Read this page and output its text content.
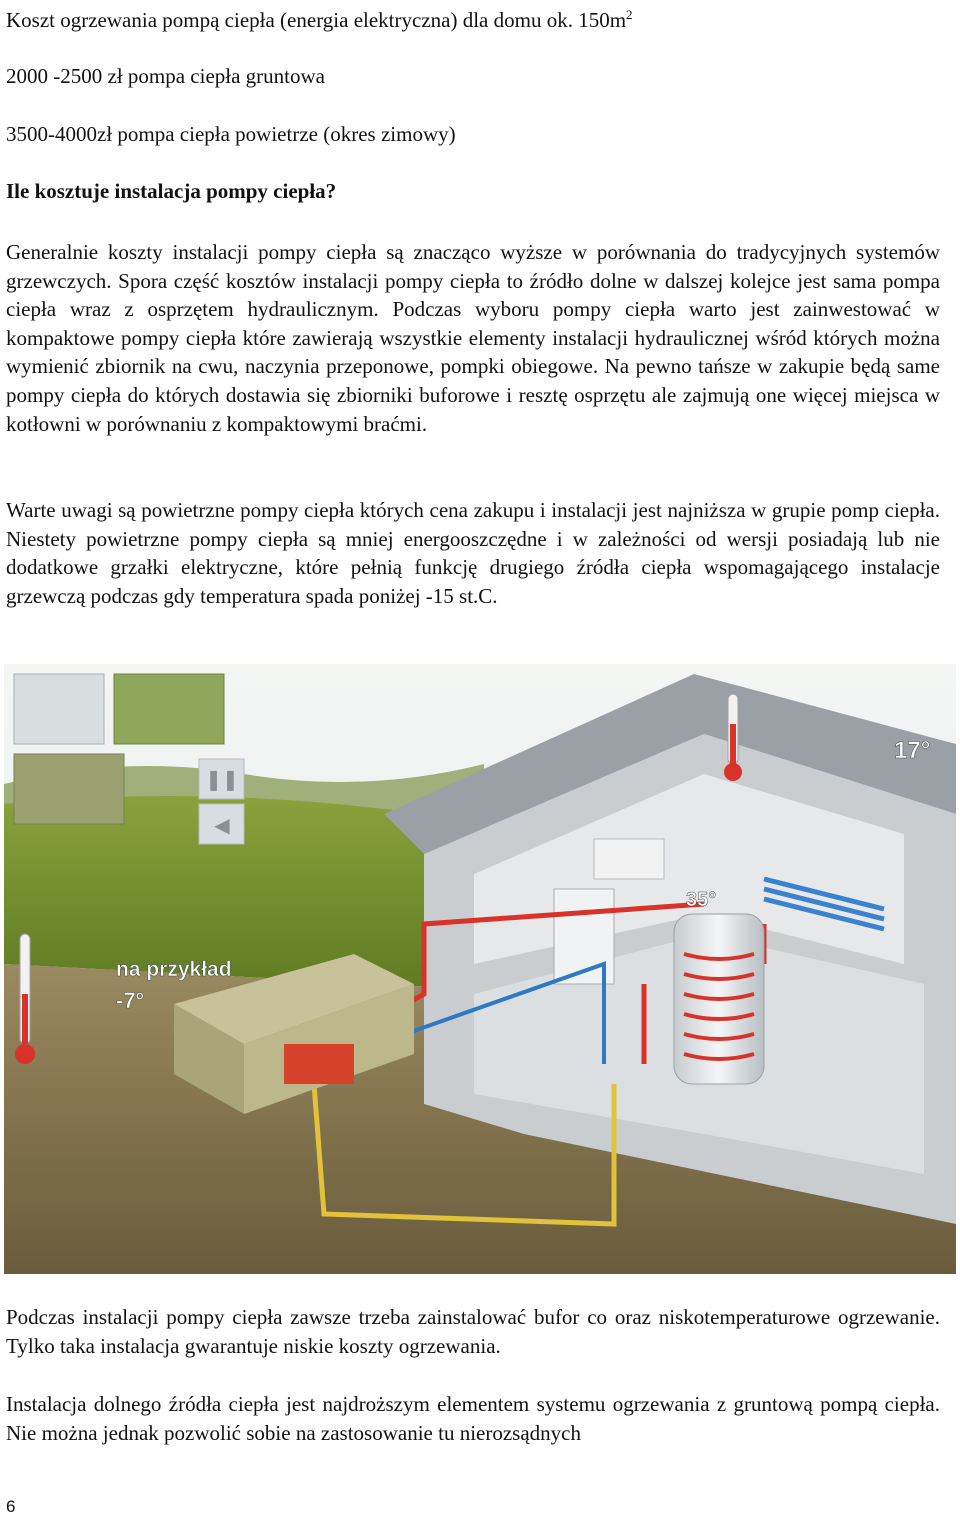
Koszt ogrzewania pompą ciepła (energia elektryczna) dla domu ok. $150m^2$
2000 -2500 zł pompa ciepła gruntowa
3500-4000zł pompa ciepła powietrze (okres zimowy)
Ile kosztuje instalacja pompy ciepła?
Generalnie koszty instalacji pompy ciepła są znacząco wyższe w porównania do tradycyjnych systemów grzewczych. Spora część kosztów instalacji pompy ciepła to źródło dolne w dalszej kolejce jest sama pompa ciepła wraz z osprzętem hydraulicznym. Podczas wyboru pompy ciepła warto jest zainwestować w kompaktowe pompy ciepła które zawierają wszystkie elementy instalacji hydraulicznej wśród których można wymienić zbiornik na cwu, naczynia przeponowe, pompki obiegowe. Na pewno tańsze w zakupie będą same pompy ciepła do których dostawia się zbiorniki buforowe i resztę osprzętu ale zajmują one więcej miejsca w kotłowni w porównaniu z kompaktowymi braćmi.
Warte uwagi są powietrzne pompy ciepła których cena zakupu i instalacji jest najniższa w grupie pomp ciepła. Niestety powietrzne pompy ciepła są mniej energooszczędne i w zależności od wersji posiadają lub nie dodatkowe grzałki elektryczne, które pełnią funkcję drugiego źródła ciepła wspomagającego instalacje grzewczą podczas gdy temperatura spada poniżej -15 st.C.
❚❚
◀
na przykład
-7°
17°
35°
Podczas instalacji pompy ciepła zawsze trzeba zainstalować bufor co oraz niskotemperaturowe ogrzewanie. Tylko taka instalacja gwarantuje niskie koszty ogrzewania.
Instalacja dolnego źródła ciepła jest najdroższym elementem systemu ogrzewania z gruntową pompą ciepła. Nie można jednak pozwolić sobie na zastosowanie tu nierozsądnych
6
